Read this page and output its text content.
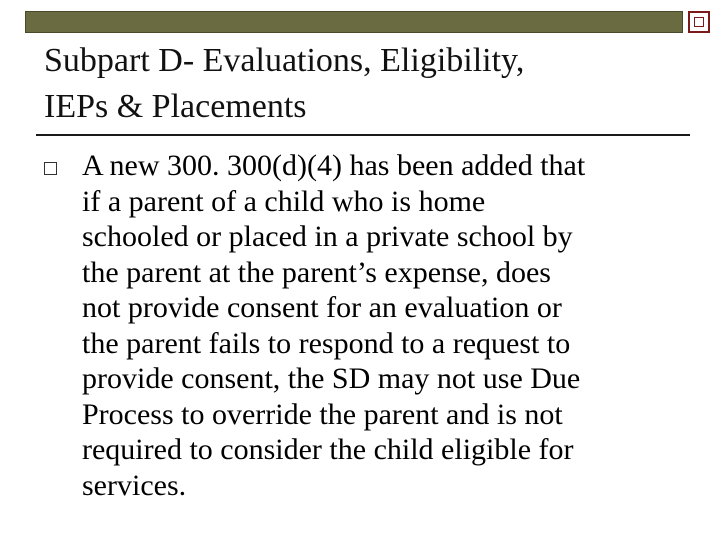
Subpart D- Evaluations, Eligibility,
IEPs & Placements
A new 300. 300(d)(4) has been added that
if a parent of a child who is home
schooled or placed in a private school by
the parent at the parent’s expense, does
not provide consent for an evaluation or
the parent fails to respond to a request to
provide consent, the SD may not use Due
Process to override the parent and is not
required to consider the child eligible for
services.
